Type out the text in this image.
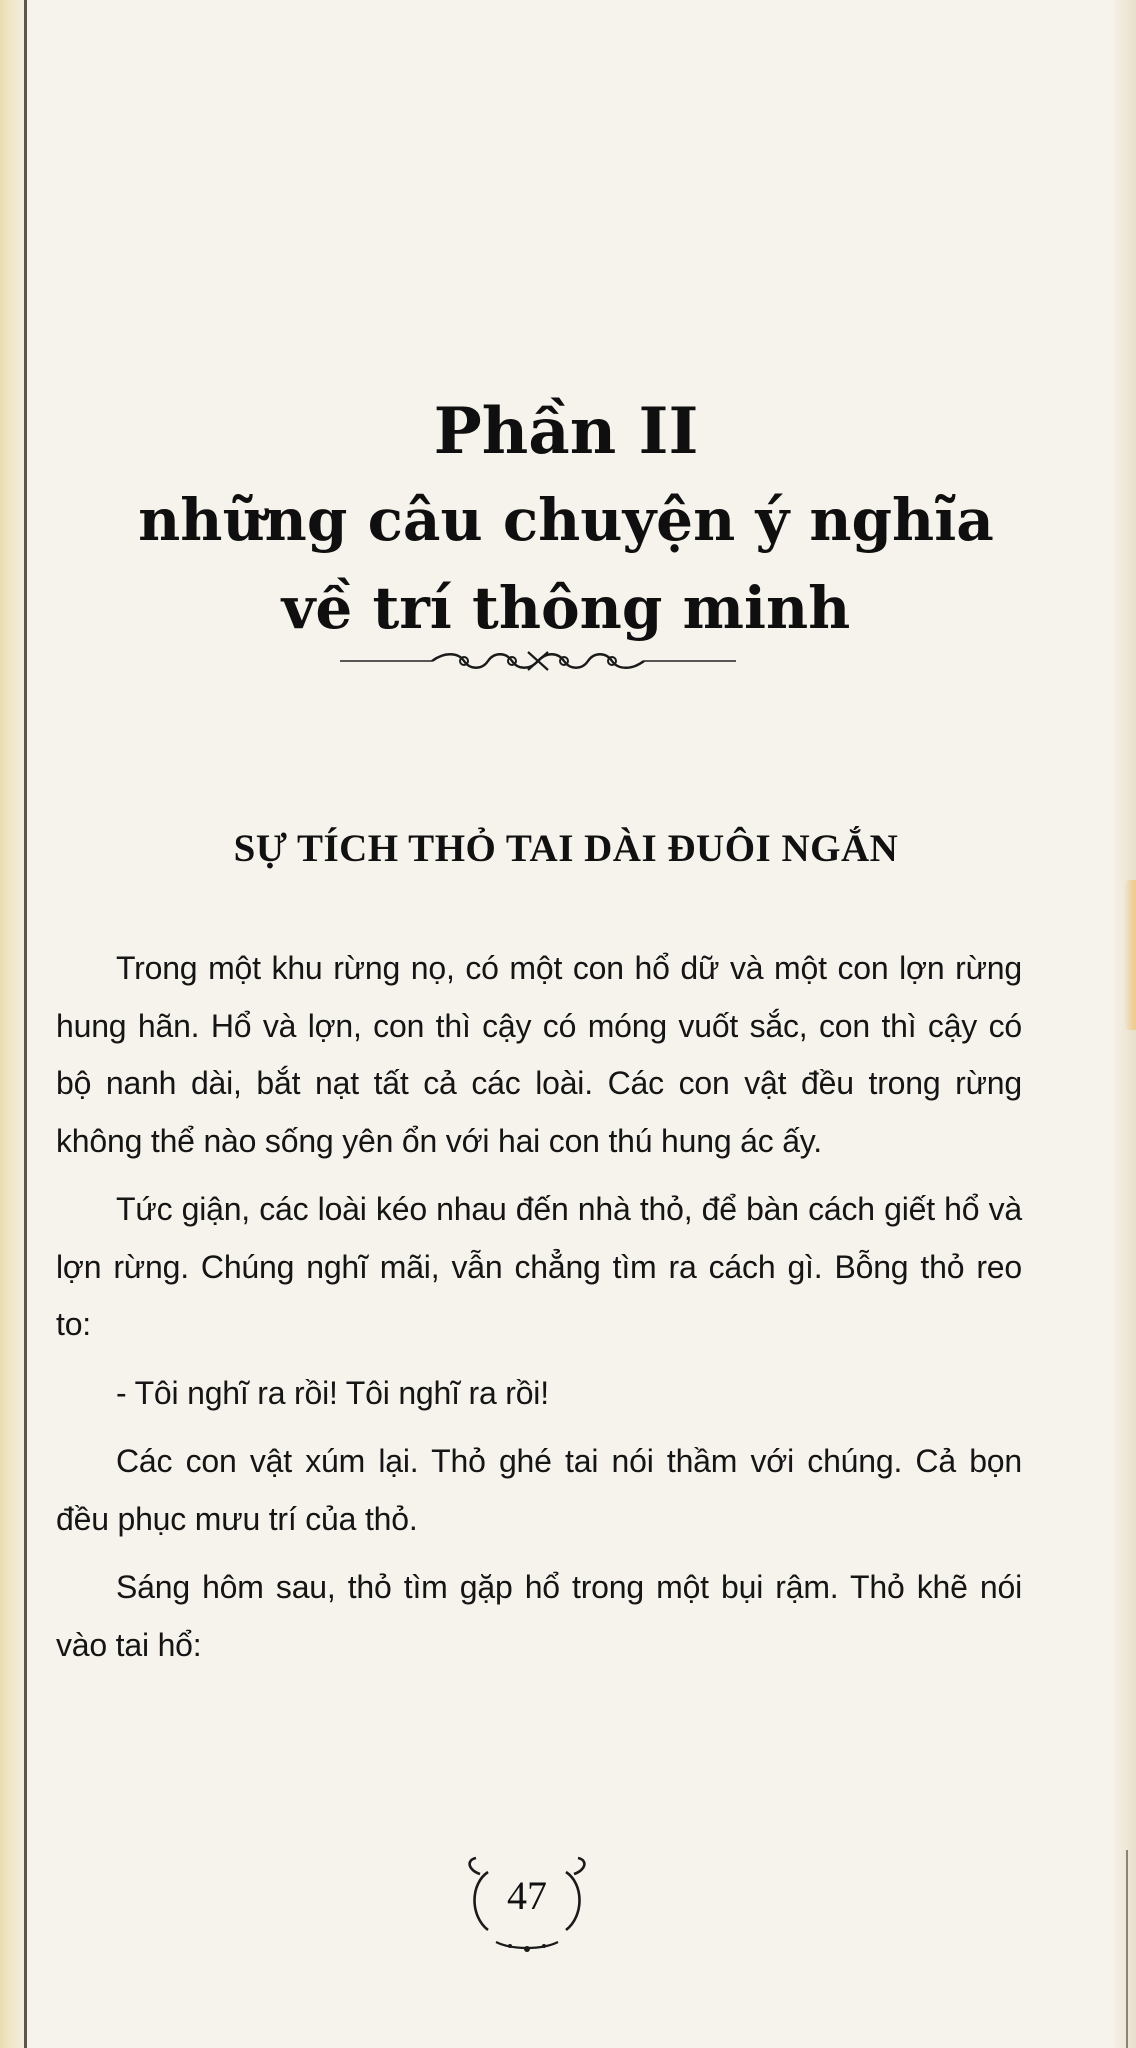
Phần II
những câu chuyện ý nghĩa
về trí thông minh
SỰ TÍCH THỎ TAI DÀI ĐUÔI NGẮN

Trong một khu rừng nọ, có một con hổ dữ và một con lợn rừng hung hãn. Hổ và lợn, con thì cậy có móng vuốt sắc, con thì cậy có bộ nanh dài, bắt nạt tất cả các loài. Các con vật đều trong rừng không thể nào sống yên ổn với hai con thú hung ác ấy.

Tức giận, các loài kéo nhau đến nhà thỏ, để bàn cách giết hổ và lợn rừng. Chúng nghĩ mãi, vẫn chẳng tìm ra cách gì. Bỗng thỏ reo to:

- Tôi nghĩ ra rồi! Tôi nghĩ ra rồi!

Các con vật xúm lại. Thỏ ghé tai nói thầm với chúng. Cả bọn đều phục mưu trí của thỏ.

Sáng hôm sau, thỏ tìm gặp hổ trong một bụi rậm. Thỏ khẽ nói vào tai hổ:

47
